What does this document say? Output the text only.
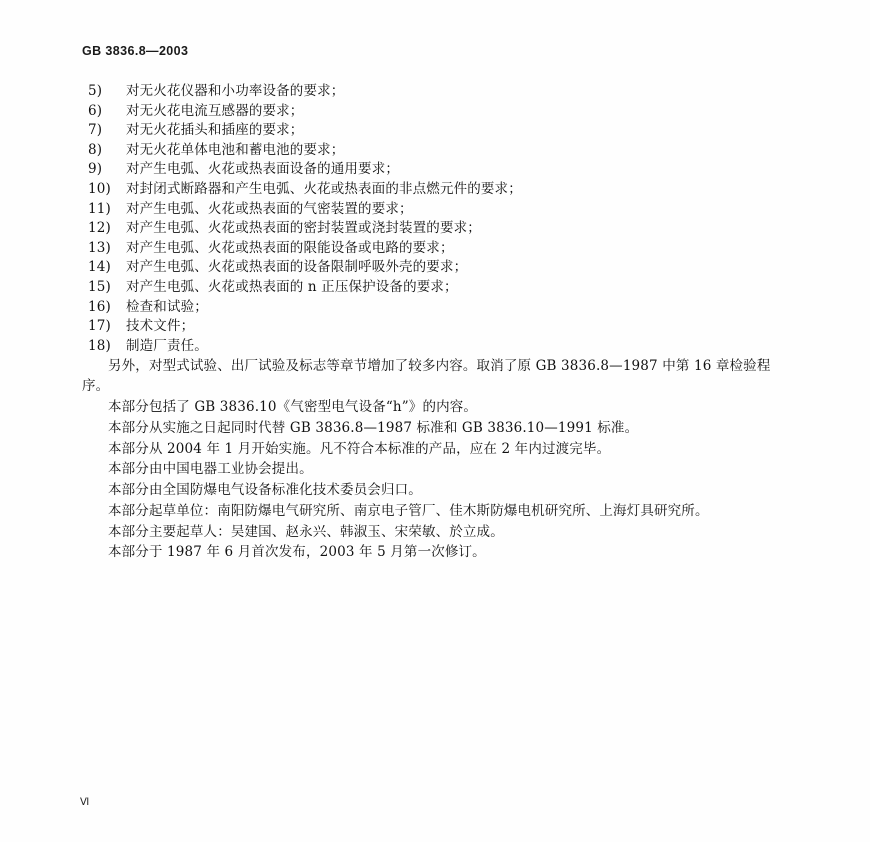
GB 3836.8—2003
5)	对无火花仪器和小功率设备的要求；
6)	对无火花电流互感器的要求；
7)	对无火花插头和插座的要求；
8)	对无火花单体电池和蓄电池的要求；
9)	对产生电弧、火花或热表面设备的通用要求；
10)	对封闭式断路器和产生电弧、火花或热表面的非点燃元件的要求；
11)	对产生电弧、火花或热表面的气密装置的要求；
12)	对产生电弧、火花或热表面的密封装置或浇封装置的要求；
13)	对产生电弧、火花或热表面的限能设备或电路的要求；
14)	对产生电弧、火花或热表面的设备限制呼吸外壳的要求；
15)	对产生电弧、火花或热表面的 n 正压保护设备的要求；
16)	检查和试验；
17)	技术文件；
18)	制造厂责任。
另外，对型式试验、出厂试验及标志等章节增加了较多内容。取消了原 GB 3836.8—1987 中第 16 章检验程序。
本部分包括了 GB 3836.10《气密型电气设备“h”》的内容。
本部分从实施之日起同时代替 GB 3836.8—1987 标准和 GB 3836.10—1991 标准。
本部分从 2004 年 1 月开始实施。凡不符合本标准的产品，应在 2 年内过渡完毕。
本部分由中国电器工业协会提出。
本部分由全国防爆电气设备标准化技术委员会归口。
本部分起草单位：南阳防爆电气研究所、南京电子管厂、佳木斯防爆电机研究所、上海灯具研究所。
本部分主要起草人：吴建国、赵永兴、韩淑玉、宋荣敏、於立成。
本部分于 1987 年 6 月首次发布，2003 年 5 月第一次修订。
Ⅵ
